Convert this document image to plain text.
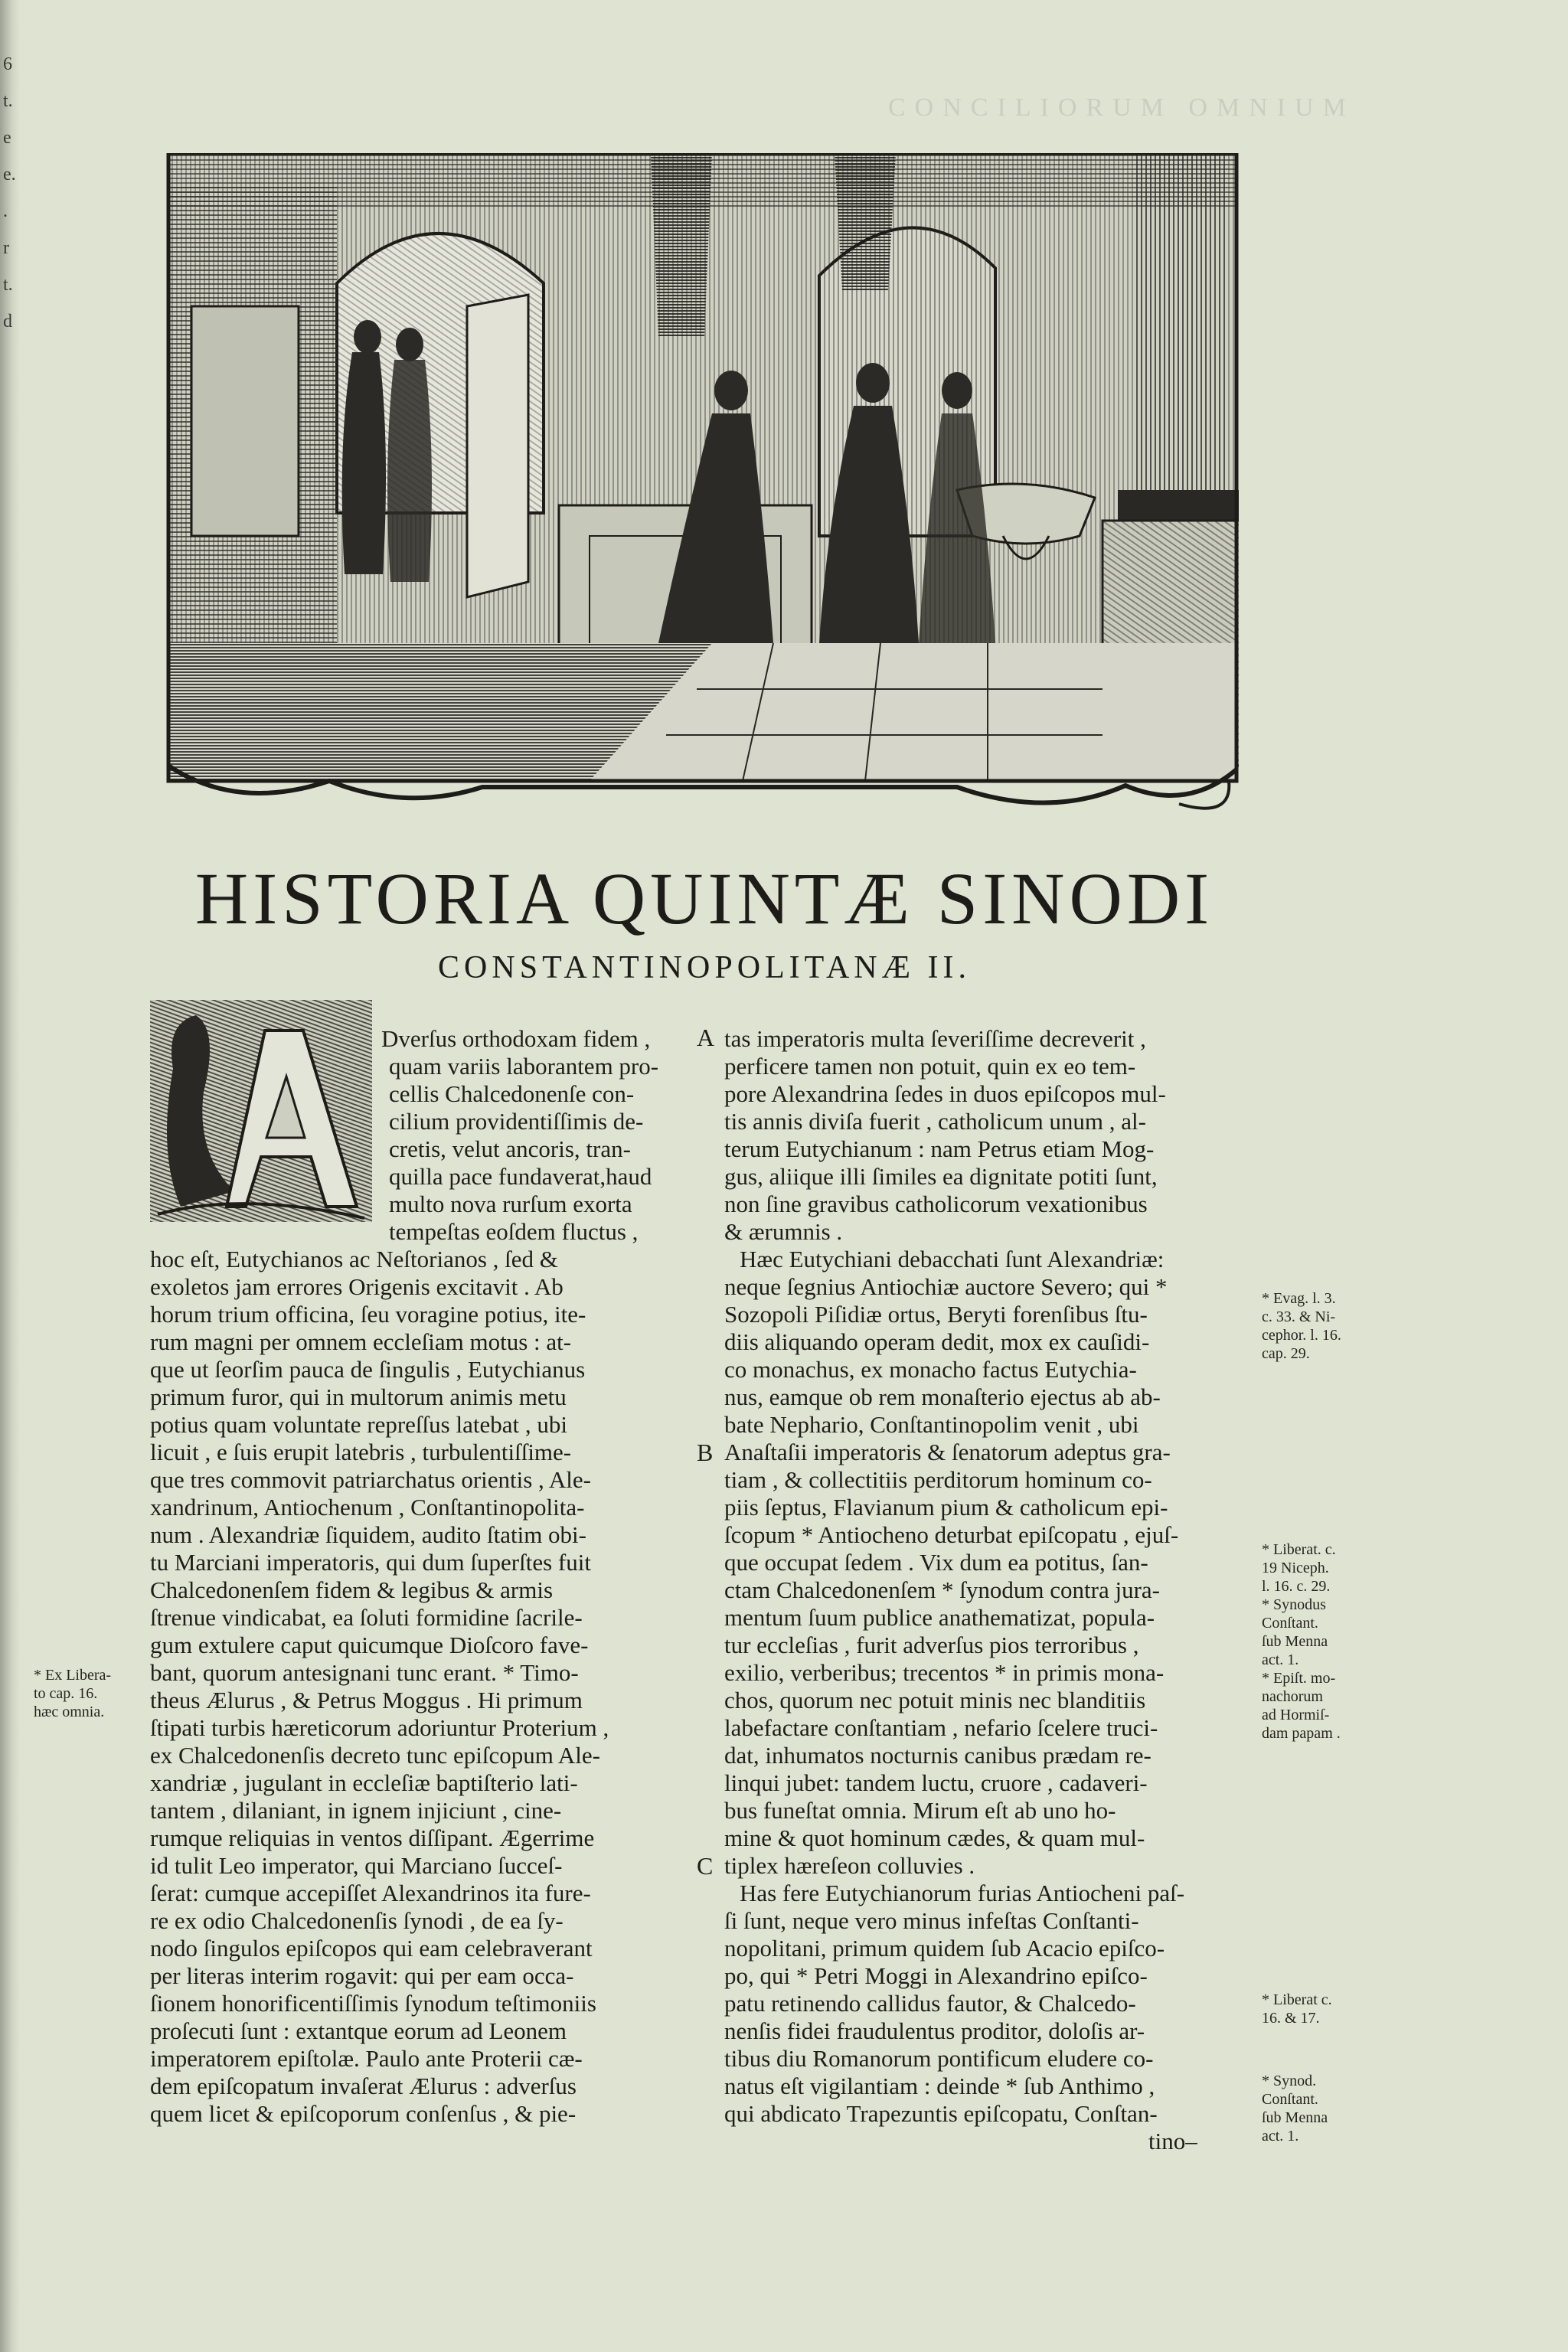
6
t.
e
e.
.
r
t.
d
CONCILIORUM OMNIUM
HISTORIA QUINTÆ SINODI
CONSTANTINOPOLITANÆ II.
Dverſus orthodoxam fidem ,
quam variis laborantem pro-
cellis Chalcedonenſe con-
cilium providentiſſimis de-
cretis, velut ancoris, tran-
quilla pace fundaverat,haud
multo nova rurſum exorta
tempeſtas eoſdem fluctus ,
hoc eſt, Eutychianos ac Neſtorianos , ſed &
exoletos jam errores Origenis excitavit . Ab
horum trium officina, ſeu voragine potius, ite-
rum magni per omnem eccleſiam motus : at-
que ut ſeorſim pauca de ſingulis , Eutychianus
primum furor, qui in multorum animis metu
potius quam voluntate repreſſus latebat , ubi
licuit , e ſuis erupit latebris , turbulentiſſime-
que tres commovit patriarchatus orientis , Ale-
xandrinum, Antiochenum , Conſtantinopolita-
num . Alexandriæ ſiquidem, audito ſtatim obi-
tu Marciani imperatoris, qui dum ſuperſtes fuit
Chalcedonenſem fidem & legibus & armis
ſtrenue vindicabat, ea ſoluti formidine ſacrile-
gum extulere caput quicumque Dioſcoro fave-
bant, quorum antesignani tunc erant. * Timo-
theus Ælurus , & Petrus Moggus . Hi primum
ſtipati turbis hæreticorum adoriuntur Proterium ,
ex Chalcedonenſis decreto tunc epiſcopum Ale-
xandriæ , jugulant in eccleſiæ baptiſterio lati-
tantem , dilaniant, in ignem injiciunt , cine-
rumque reliquias in ventos diſſipant. Ægerrime
id tulit Leo imperator, qui Marciano ſucceſ-
ſerat: cumque accepiſſet Alexandrinos ita fure-
re ex odio Chalcedonenſis ſynodi , de ea ſy-
nodo ſingulos epiſcopos qui eam celebraverant
per literas interim rogavit: qui per eam occa-
ſionem honorificentiſſimis ſynodum teſtimoniis
proſecuti ſunt : extantque eorum ad Leonem
imperatorem epiſtolæ. Paulo ante Proterii cæ-
dem epiſcopatum invaſerat Ælurus : adverſus
quem licet & epiſcoporum conſenſus , & pie-
A
B
C
tas imperatoris multa ſeveriſſime decreverit ,
perficere tamen non potuit, quin ex eo tem-
pore Alexandrina ſedes in duos epiſcopos mul-
tis annis diviſa fuerit , catholicum unum , al-
terum Eutychianum : nam Petrus etiam Mog-
gus, aliique illi ſimiles ea dignitate potiti ſunt,
non ſine gravibus catholicorum vexationibus
& ærumnis .
Hæc Eutychiani debacchati ſunt Alexandriæ:
neque ſegnius Antiochiæ auctore Severo; qui *
Sozopoli Piſidiæ ortus, Beryti forenſibus ſtu-
diis aliquando operam dedit, mox ex cauſidi-
co monachus, ex monacho factus Eutychia-
nus, eamque ob rem monaſterio ejectus ab ab-
bate Nephario, Conſtantinopolim venit , ubi
Anaſtaſii imperatoris & ſenatorum adeptus gra-
tiam , & collectitiis perditorum hominum co-
piis ſeptus, Flavianum pium & catholicum epi-
ſcopum * Antiocheno deturbat epiſcopatu , ejuſ-
que occupat ſedem . Vix dum ea potitus, ſan-
ctam Chalcedonenſem * ſynodum contra jura-
mentum ſuum publice anathematizat, popula-
tur eccleſias , furit adverſus pios terroribus ,
exilio, verberibus; trecentos * in primis mona-
chos, quorum nec potuit minis nec blanditiis
labefactare conſtantiam , nefario ſcelere truci-
dat, inhumatos nocturnis canibus prædam re-
linqui jubet: tandem luctu, cruore , cadaveri-
bus funeſtat omnia. Mirum eſt ab uno ho-
mine & quot hominum cædes, & quam mul-
tiplex hæreſeon colluvies .
Has fere Eutychianorum furias Antiocheni paſ-
ſi ſunt, neque vero minus infeſtas Conſtanti-
nopolitani, primum quidem ſub Acacio epiſco-
po, qui * Petri Moggi in Alexandrino epiſco-
patu retinendo callidus fautor, & Chalcedo-
nenſis fidei fraudulentus proditor, doloſis ar-
tibus diu Romanorum pontificum eludere co-
natus eſt vigilantiam : deinde * ſub Anthimo ,
qui abdicato Trapezuntis epiſcopatu, Conſtan-
tino–
* Ex Libera-
to cap. 16.
hæc omnia.
* Evag. l. 3.
c. 33. & Ni-
cephor. l. 16.
cap. 29.
* Liberat. c.
19 Niceph.
l. 16. c. 29.
* Synodus
Conſtant.
ſub Menna
act. 1.
* Epiſt. mo-
nachorum
ad Hormiſ-
dam papam .
* Liberat c.
16. & 17.
* Synod.
Conſtant.
ſub Menna
act. 1.
